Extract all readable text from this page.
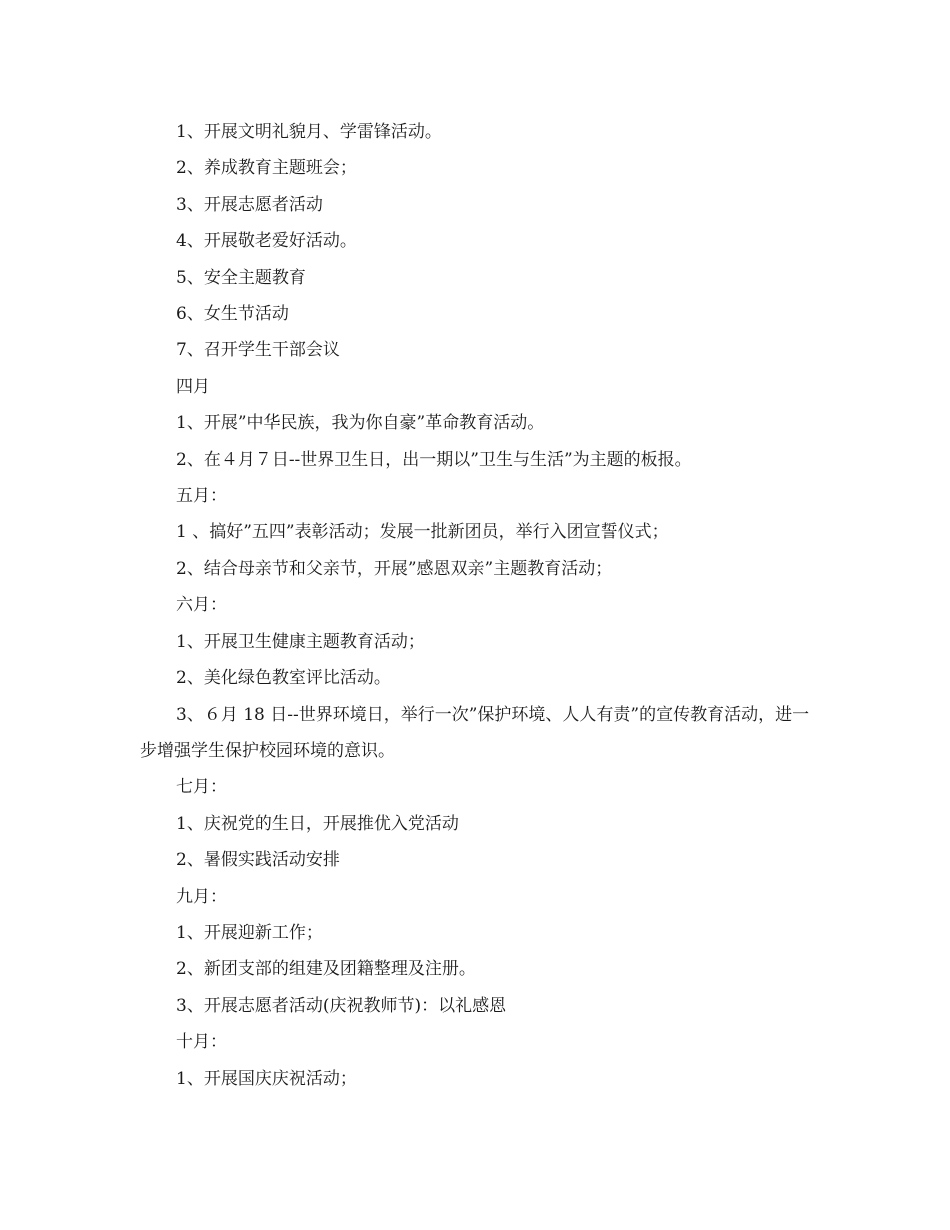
1、开展文明礼貌月、学雷锋活动。

2、养成教育主题班会；

3、开展志愿者活动

4、开展敬老爱好活动。

5、安全主题教育

6、女生节活动

7、召开学生干部会议

四月

1、开展”中华民族，我为你自豪”革命教育活动。

2、在４月７日--世界卫生日，出一期以”卫生与生活”为主题的板报。

五月：

1 、搞好”五四”表彰活动；发展一批新团员，举行入团宣誓仪式；

2、结合母亲节和父亲节，开展”感恩双亲”主题教育活动；

六月：

1、开展卫生健康主题教育活动；

2、美化绿色教室评比活动。

3、６月 18 日--世界环境日，举行一次”保护环境、人人有责”的宣传教育活动，进一步增强学生保护校园环境的意识。

七月：

1、庆祝党的生日，开展推优入党活动

2、暑假实践活动安排

九月：

1、开展迎新工作；

2、新团支部的组建及团籍整理及注册。

3、开展志愿者活动(庆祝教师节)：以礼感恩

十月：

1、开展国庆庆祝活动；
